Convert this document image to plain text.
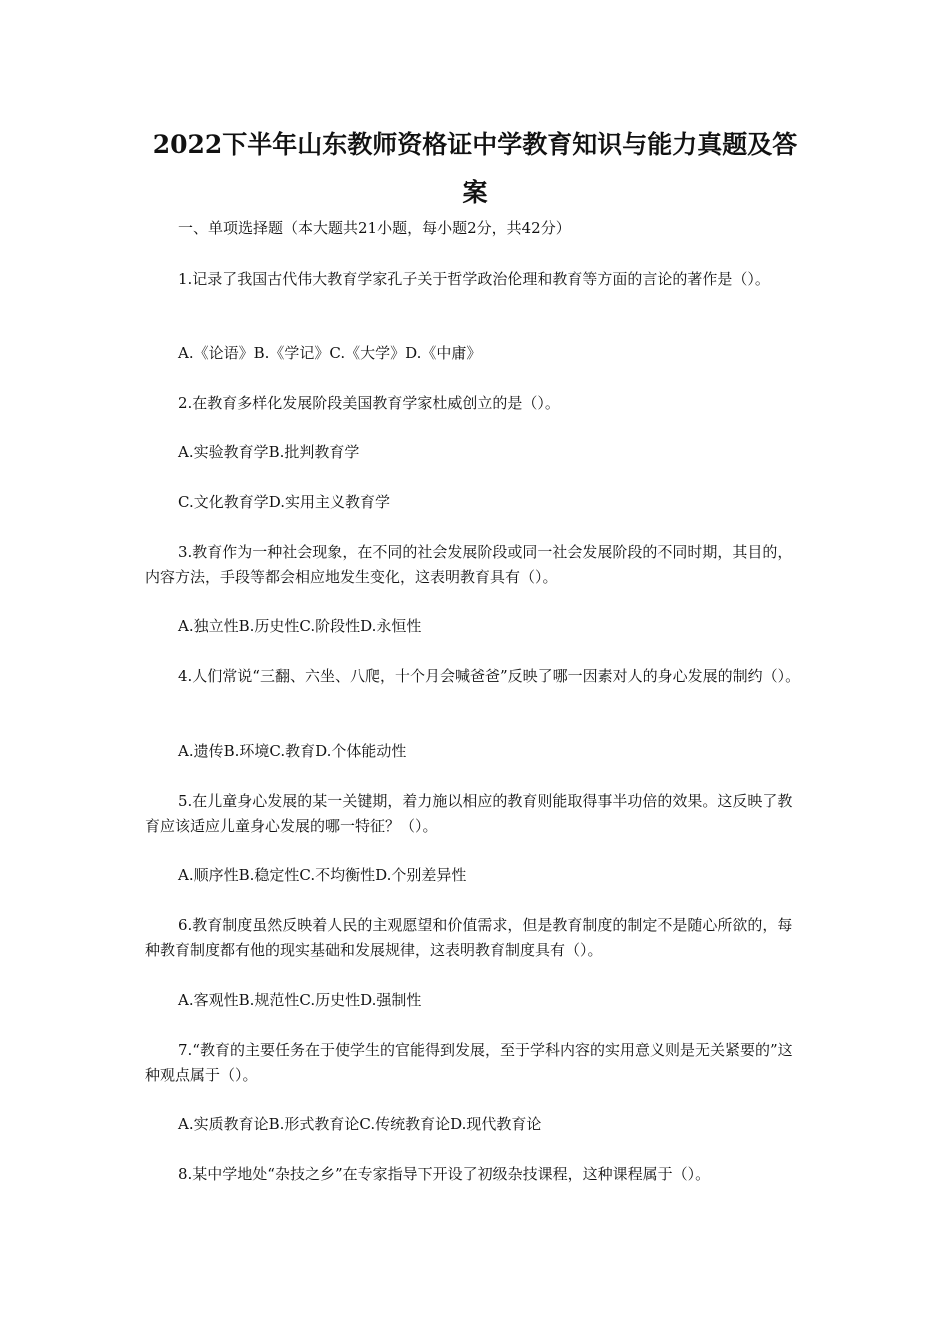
2022下半年山东教师资格证中学教育知识与能力真题及答
案

一、单项选择题（本大题共21小题，每小题2分，共42分）

1.记录了我国古代伟大教育学家孔子关于哲学政治伦理和教育等方面的言论的著作是（）。

A.《论语》B.《学记》C.《大学》D.《中庸》

2.在教育多样化发展阶段美国教育学家杜威创立的是（）。

A.实验教育学B.批判教育学

C.文化教育学D.实用主义教育学

3.教育作为一种社会现象，在不同的社会发展阶段或同一社会发展阶段的不同时期，其目的，内容方法，手段等都会相应地发生变化，这表明教育具有（）。

A.独立性B.历史性C.阶段性D.永恒性

4.人们常说“三翻、六坐、八爬，十个月会喊爸爸”反映了哪一因素对人的身心发展的制约（）。

A.遗传B.环境C.教育D.个体能动性

5.在儿童身心发展的某一关键期，着力施以相应的教育则能取得事半功倍的效果。这反映了教育应该适应儿童身心发展的哪一特征？（）。

A.顺序性B.稳定性C.不均衡性D.个别差异性

6.教育制度虽然反映着人民的主观愿望和价值需求，但是教育制度的制定不是随心所欲的，每种教育制度都有他的现实基础和发展规律，这表明教育制度具有（）。

A.客观性B.规范性C.历史性D.强制性

7.“教育的主要任务在于使学生的官能得到发展，至于学科内容的实用意义则是无关紧要的”这种观点属于（）。

A.实质教育论B.形式教育论C.传统教育论D.现代教育论

8.某中学地处“杂技之乡”在专家指导下开设了初级杂技课程，这种课程属于（）。
